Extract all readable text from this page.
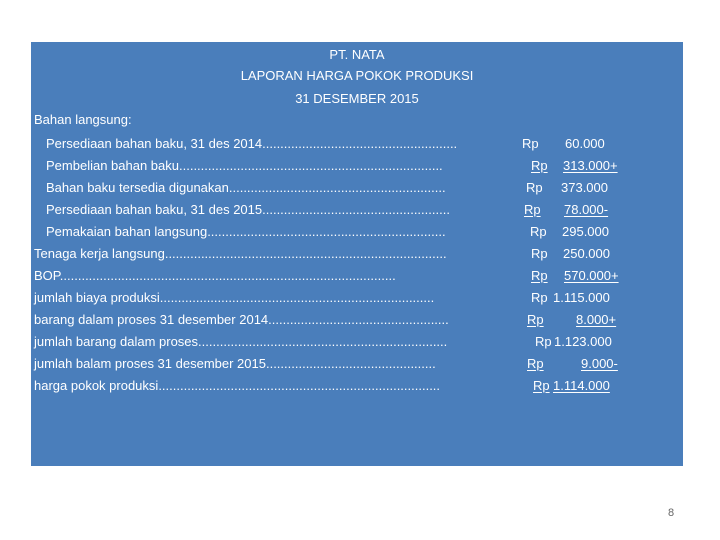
PT. NATA
LAPORAN HARGA POKOK PRODUKSI
31 DESEMBER 2015
Bahan langsung:
Persediaan bahan baku, 31 des 2014......................................................	Rp 60.000
Pembelian bahan baku.........................................................................	Rp 313.000+
Bahan baku tersedia digunakan............................................................	Rp 373.000
Persediaan bahan baku, 31 des 2015....................................................	Rp 78.000-
Pemakaian bahan langsung..................................................................	Rp 295.000
Tenaga kerja langsung..............................................................................	Rp 250.000
BOP.............................................................................................	Rp 570.000+
jumlah biaya produksi............................................................................	Rp 1.115.000
barang dalam proses 31 desember 2014..................................................	Rp 8.000+
jumlah barang dalam proses.....................................................................	Rp 1.123.000
jumlah balam proses 31 desember 2015...............................................	Rp	9.000-
harga pokok produksi..............................................................................	Rp 1.114.000
8
